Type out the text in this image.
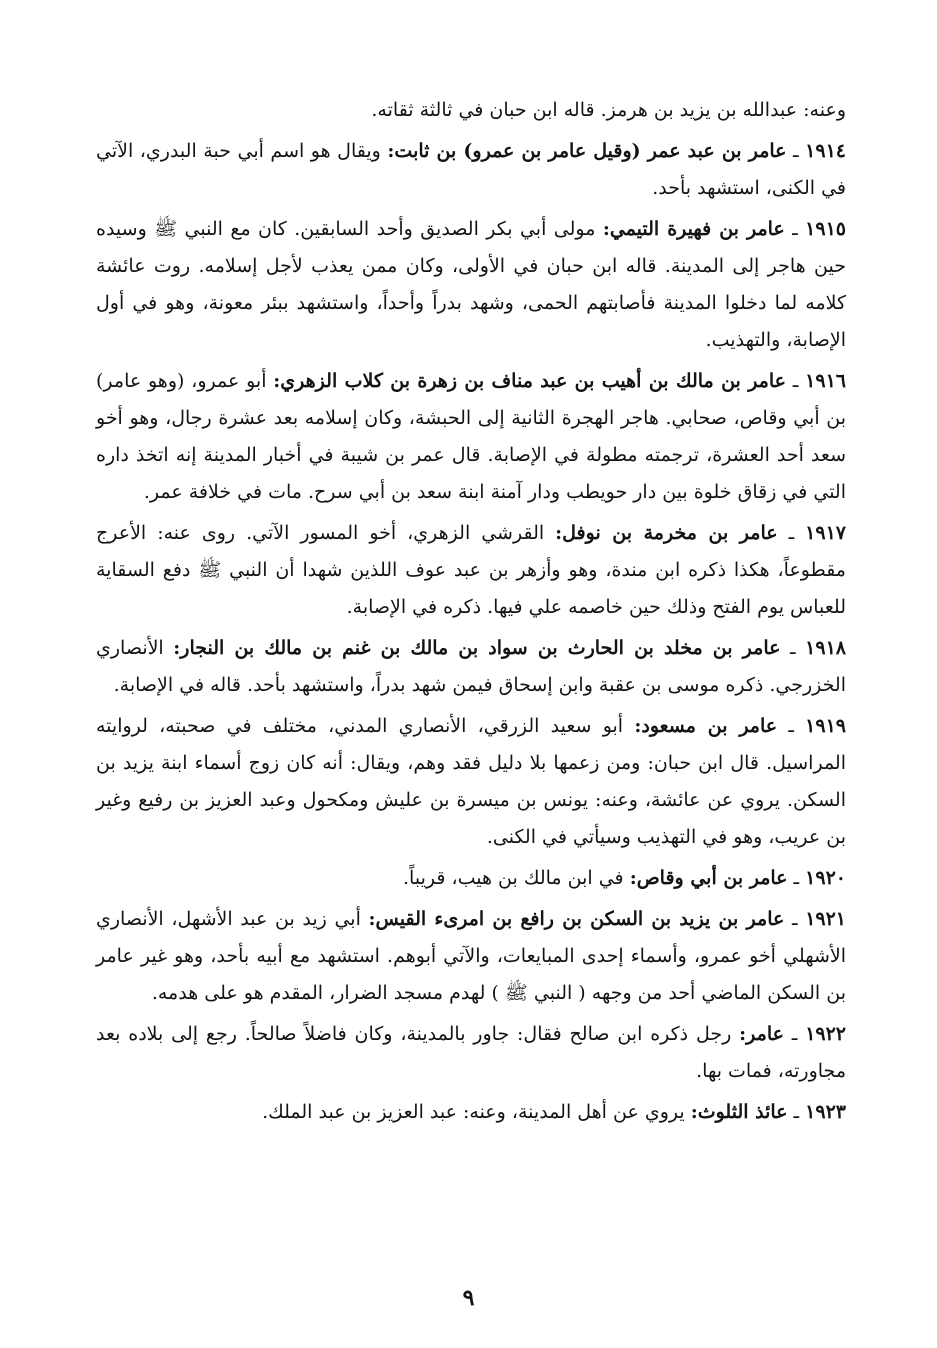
وعنه: عبدالله بن يزيد بن هرمز. قاله ابن حبان في ثالثة ثقاته.

١٩١٤ ـ عامر بن عبد عمر (وقيل عامر بن عمرو) بن ثابت: ويقال هو اسم أبي حبة البدري، الآتي في الكنى، استشهد بأحد.

١٩١٥ ـ عامر بن فهيرة التيمي: مولى أبي بكر الصديق وأحد السابقين. كان مع النبي ﷺ وسيده حين هاجر إلى المدينة. قاله ابن حبان في الأولى، وكان ممن يعذب لأجل إسلامه. روت عائشة كلامه لما دخلوا المدينة فأصابتهم الحمى، وشهد بدراً وأحداً، واستشهد ببئر معونة، وهو في أول الإصابة، والتهذيب.

١٩١٦ ـ عامر بن مالك بن أهيب بن عبد مناف بن زهرة بن كلاب الزهري: أبو عمرو، (وهو عامر) بن أبي وقاص، صحابي. هاجر الهجرة الثانية إلى الحبشة، وكان إسلامه بعد عشرة رجال، وهو أخو سعد أحد العشرة، ترجمته مطولة في الإصابة. قال عمر بن شيبة في أخبار المدينة إنه اتخذ داره التي في زقاق خلوة بين دار حويطب ودار آمنة ابنة سعد بن أبي سرح. مات في خلافة عمر.

١٩١٧ ـ عامر بن مخرمة بن نوفل: القرشي الزهري، أخو المسور الآتي. روى عنه: الأعرج مقطوعاً، هكذا ذكره ابن مندة، وهو وأزهر بن عبد عوف اللذين شهدا أن النبي ﷺ دفع السقاية للعباس يوم الفتح وذلك حين خاصمه علي فيها. ذكره في الإصابة.

١٩١٨ ـ عامر بن مخلد بن الحارث بن سواد بن مالك بن غنم بن مالك بن النجار: الأنصاري الخزرجي. ذكره موسى بن عقبة وابن إسحاق فيمن شهد بدراً، واستشهد بأحد. قاله في الإصابة.

١٩١٩ ـ عامر بن مسعود: أبو سعيد الزرقي، الأنصاري المدني، مختلف في صحبته، لروايته المراسيل. قال ابن حبان: ومن زعمها بلا دليل فقد وهم، ويقال: أنه كان زوج أسماء ابنة يزيد بن السكن. يروي عن عائشة، وعنه: يونس بن ميسرة بن عليش ومكحول وعبد العزيز بن رفيع وغير بن عريب، وهو في التهذيب وسيأتي في الكنى.

١٩٢٠ ـ عامر بن أبي وقاص: في ابن مالك بن هيب، قريباً.

١٩٢١ ـ عامر بن يزيد بن السكن بن رافع بن امرىء القيس: أبي زيد بن عبد الأشهل، الأنصاري الأشهلي أخو عمرو، وأسماء إحدى المبايعات، والآتي أبوهم. استشهد مع أبيه بأحد، وهو غير عامر بن السكن الماضي أحد من وجهه ( النبي ﷺ ) لهدم مسجد الضرار، المقدم هو على هدمه.

١٩٢٢ ـ عامر: رجل ذكره ابن صالح فقال: جاور بالمدينة، وكان فاضلاً صالحاً. رجع إلى بلاده بعد مجاورته، فمات بها.

١٩٢٣ ـ عائذ الثلوث: يروي عن أهل المدينة، وعنه: عبد العزيز بن عبد الملك.

٩
